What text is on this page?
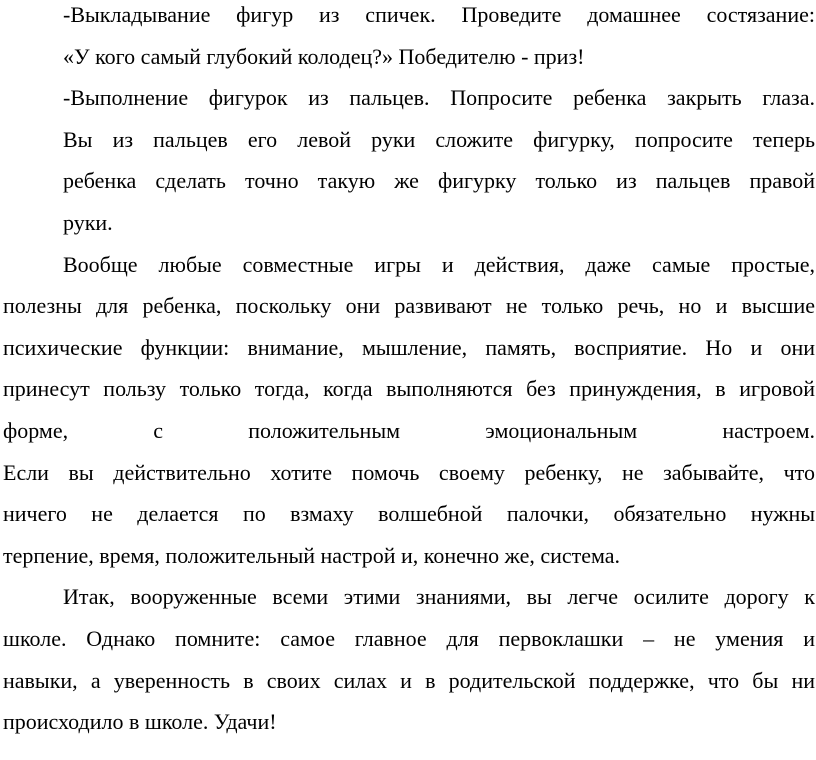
-Выкладывание фигур из спичек. Проведите домашнее состязание:
«У кого самый глубокий колодец?» Победителю - приз!
-Выполнение фигурок из пальцев. Попросите ребенка закрыть глаза.
Вы из пальцев его левой руки сложите фигурку, попросите теперь
ребенка сделать точно такую же фигурку только из пальцев правой
руки.
Вообще любые совместные игры и действия, даже самые простые,
полезны для ребенка, поскольку они развивают не только речь, но и высшие
психические функции: внимание, мышление, память, восприятие. Но и они
принесут пользу только тогда, когда выполняются без принуждения, в игровой
форме, с положительным эмоциональным настроем.
Если вы действительно хотите помочь своему ребенку, не забывайте, что
ничего не делается по взмаху волшебной палочки, обязательно нужны
терпение, время, положительный настрой и, конечно же, система.
Итак, вооруженные всеми этими знаниями, вы легче осилите дорогу к
школе. Однако помните: самое главное для первоклашки – не умения и
навыки, а уверенность в своих силах и в родительской поддержке, что бы ни
происходило в школе. Удачи!
